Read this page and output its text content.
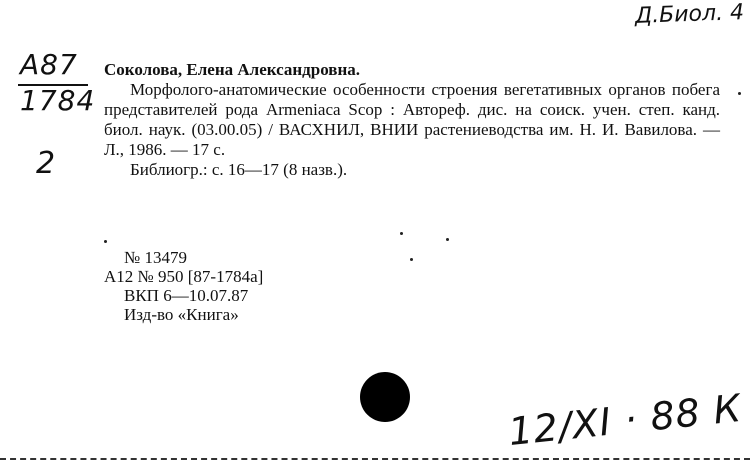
Д.Биол. 4
А87
1784
2
Соколова, Елена Александровна.
Морфолого-анатомические особенности строения вегетативных органов побега представителей рода Armeniaca Scop : Автореф. дис. на соиск. учен. степ. канд. биол. наук. (03.00.05) / ВАСХНИЛ, ВНИИ растениеводства им. Н. И. Вавилова. — Л., 1986. — 17 с.
Библиогр.: с. 16—17 (8 назв.).
№ 13479
А12 № 950 [87-1784а]
ВКП 6—10.07.87
Изд-во «Книга»
12/XI · 88 К
